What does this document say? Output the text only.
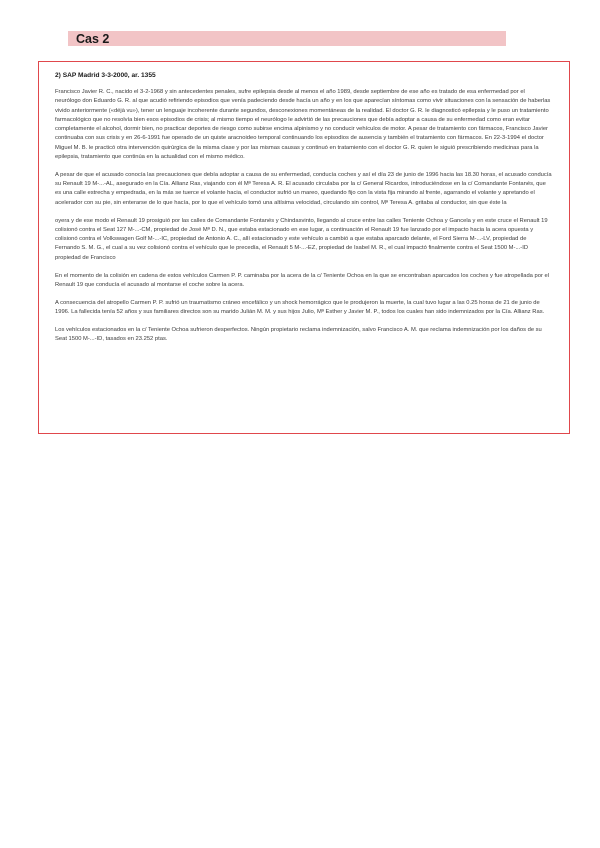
Cas 2

2) SAP Madrid 3-3-2000, ar. 1355

Francisco Javier R. C., nacido el 3-2-1968 y sin antecedentes penales, sufre epilepsia desde al menos el año 1989, desde septiembre de ese año es tratado de esa enfermedad por el neurólogo don Eduardo G. R. al que acudió refiriendo episodios que venía padeciendo desde hacía un año y en los que aparecían síntomas como vivir situaciones con la sensación de haberlas vivido anteriormente («déjà vu»), tener un lenguaje incoherente durante segundos, desconexiones momentáneas de la realidad. El doctor G. R. le diagnosticó epilepsia y le puso un tratamiento farmacológico que no resolvía bien esos episodios de crisis; al mismo tiempo el neurólogo le advirtió de las precauciones que debía adoptar a causa de su enfermedad como eran evitar completamente el alcohol, dormir bien, no practicar deportes de riesgo como subirse encima alpinismo y no conducir vehículos de motor. A pesar de tratamiento con fármacos, Francisco Javier continuaba con sus crisis y en 26-6-1991 fue operado de un quiste aracnoideo temporal continuando los episodios de ausencia y también el tratamiento con fármacos. En 22-3-1994 el doctor Miguel M. B. le practicó otra intervención quirúrgica de la misma clase y por las mismas causas y continuó en tratamiento con el doctor G. R. quien le siguió prescribiendo medicinas para la epilepsia, tratamiento que continúa en la actualidad con el mismo médico.

A pesar de que el acusado conocía las precauciones que debía adoptar a causa de su enfermedad, conducía coches y así el día 23 de junio de 1996 hacia las 18.30 horas, el acusado conducía su Renault 19 M-...-AL, asegurado en la Cía. Allianz Ras, viajando con él Mª Teresa A. R. El acusado circulaba por la c/ General Ricardos, introduciéndose en la c/ Comandante Fontanés, que es una calle estrecha y empedrada, en la más se tuerce el volante hacia, el conductor sufrió un mareo, quedando fijo con la vista fija mirando al frente, agarrando el volante y apretando el acelerador con su pie, sin enterarse de lo que hacía, por lo que el vehículo tomó una altísima velocidad, circulando sin control, Mª Teresa A. gritaba al conductor, sin que éste la

oyera y de ese modo el Renault 19 prosiguió por las calles de Comandante Fontanés y Chindasvinto, llegando al cruce entre las calles Teniente Ochoa y Gancela y en este cruce el Renault 19 colisionó contra el Seat 127 M-...-CM, propiedad de José Mª D. N., que estaba estacionado en ese lugar, a continuación el Renault 19 fue lanzado por el impacto hacia la acera opuesta y colisionó contra el Volkswagen Golf M-...-IC, propiedad de Antonio A. C., allí estacionado y este vehículo a cambió a que estaba aparcado delante, el Ford Sierra M-...-LV, propiedad de Fernando S. M. G., el cual a su vez colisionó contra el vehículo que le precedía, el Renault 5 M-...-EZ, propiedad de Isabel M. R., el cual impactó finalmente contra el Seat 1500 M-...-ID propiedad de Francisco

En el momento de la colisión en cadena de estos vehículos Carmen P. P. caminaba por la acera de la c/ Teniente Ochoa en la que se encontraban aparcados los coches y fue atropellada por el Renault 19 que conducía el acusado al montarse el coche sobre la acera.

A consecuencia del atropello Carmen P. P. sufrió un traumatismo cráneo encefálico y un shock hemorrágico que le produjeron la muerte, la cual tuvo lugar a las 0.25 horas de 21 de junio de 1996. La fallecida tenía 52 años y sus familiares directos son su marido Julián M. M. y sus hijos Julio, Mª Esther y Javier M. P., todos los cuales han sido indemnizados por la Cía. Allianz Ras.

Los vehículos estacionados en la c/ Teniente Ochoa sufrieron desperfectos. Ningún propietario reclama indemnización, salvo Francisco A. M. que reclama indemnización por los daños de su Seat 1500 M-...-ID, tasados en 23.252 ptas.
